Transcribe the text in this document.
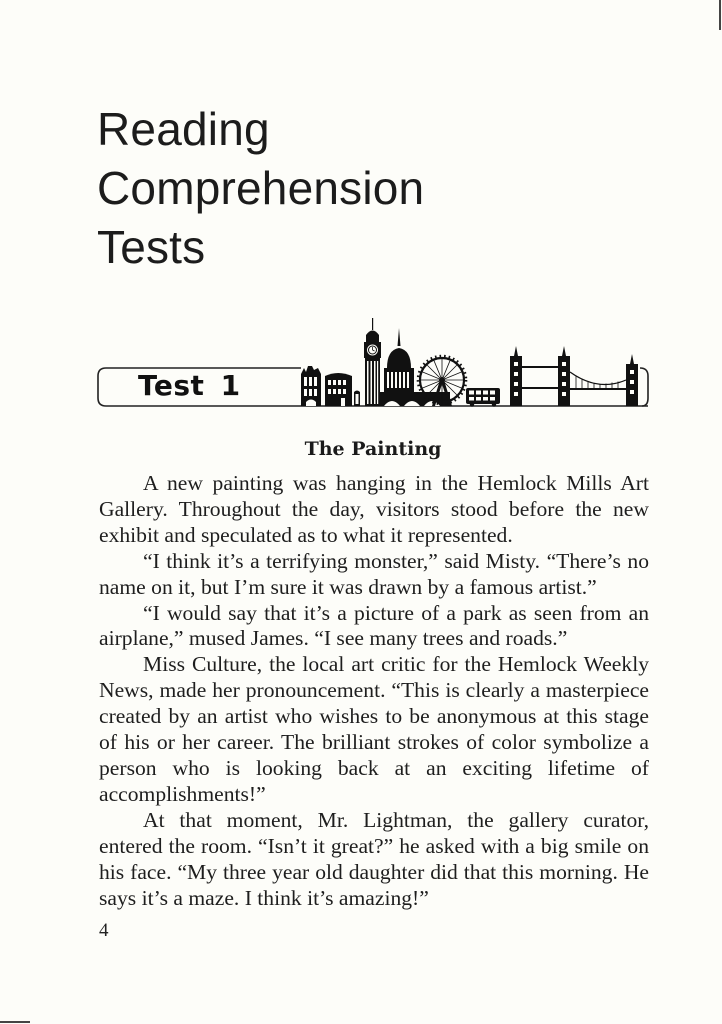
Reading
Comprehension
Tests
Test 1
The Painting

A new painting was hanging in the Hemlock Mills Art Gallery. Throughout the day, visitors stood before the new exhibit and speculated as to what it represented.

“I think it’s a terrifying monster,” said Misty. “There’s no name on it, but I’m sure it was drawn by a famous artist.”

“I would say that it’s a picture of a park as seen from an airplane,” mused James. “I see many trees and roads.”

Miss Culture, the local art critic for the Hemlock Weekly News, made her pronouncement. “This is clearly a masterpiece created by an artist who wishes to be anonymous at this stage of his or her career. The brilliant strokes of color symbolize a person who is looking back at an exciting lifetime of accomplishments!”

At that moment, Mr. Lightman, the gallery curator, entered the room. “Isn’t it great?” he asked with a big smile on his face. “My three year old daughter did that this morning. He says it’s a maze. I think it’s amazing!”

4
